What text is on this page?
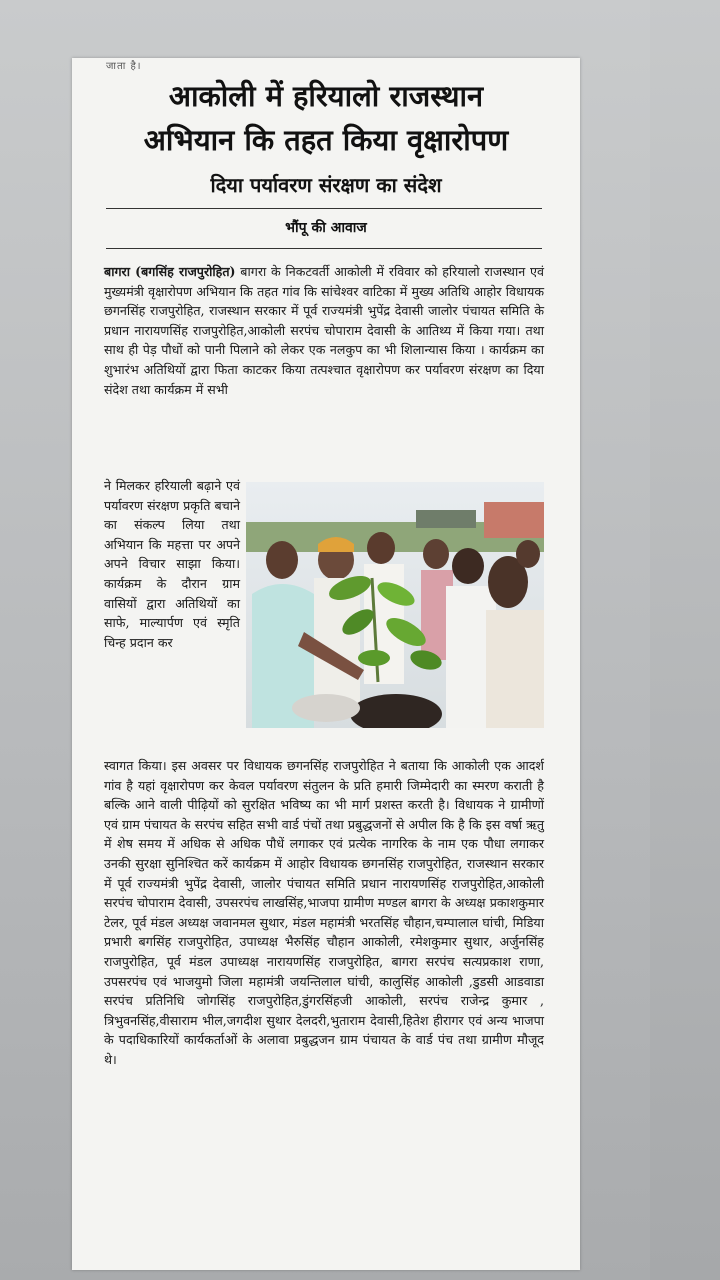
जाता है।
आकोली में हरियालो राजस्थान
अभियान कि तहत किया वृक्षारोपण
दिया पर्यावरण संरक्षण का संदेश
भौंपू की आवाज
बागरा (बगसिंह राजपुरोहित) बागरा के निकटवर्ती आकोली में रविवार को हरियालो राजस्थान एवं मुख्यमंत्री वृक्षारोपण अभियान कि तहत गांव कि सांचेश्वर वाटिका में मुख्य अतिथि आहोर विधायक छगनसिंह राजपुरोहित, राजस्थान सरकार में पूर्व राज्यमंत्री भुपेंद्र देवासी जालोर पंचायत समिति के प्रधान नारायणसिंह राजपुरोहित,आकोली सरपंच चोपाराम देवासी के आतिथ्य में किया गया। तथा साथ ही पेड़ पौधों को पानी पिलाने को लेकर एक नलकुप का भी शिलान्यास किया । कार्यक्रम का शुभारंभ अतिथियों द्वारा फिता काटकर किया तत्पश्चात वृक्षारोपण कर पर्यावरण संरक्षण का दिया संदेश तथा कार्यक्रम में सभी
ने मिलकर हरियाली बढ़ाने एवं पर्यावरण संरक्षण प्रकृति बचाने का संकल्प लिया तथा अभियान कि महत्ता पर अपने अपने विचार साझा किया। कार्यक्रम के दौरान ग्राम वासियों द्वारा अतिथियों का साफे, माल्यार्पण एवं स्मृति चिन्ह प्रदान कर
स्वागत किया। इस अवसर पर विधायक छगनसिंह राजपुरोहित ने बताया कि आकोली एक आदर्श गांव है यहां वृक्षारोपण कर केवल पर्यावरण संतुलन के प्रति हमारी जिम्मेदारी का स्मरण कराती है बल्कि आने वाली पीढ़ियों को सुरक्षित भविष्य का भी मार्ग प्रशस्त करती है। विधायक ने ग्रामीणों एवं ग्राम पंचायत के सरपंच सहित सभी वार्ड पंचों तथा प्रबुद्धजनों से अपील कि है कि इस वर्षा ऋतु में शेष समय में अधिक से अधिक पौधें लगाकर एवं प्रत्येक नागरिक के नाम एक पौधा लगाकर उनकी सुरक्षा सुनिश्चित करें कार्यक्रम में आहोर विधायक छगनसिंह राजपुरोहित, राजस्थान सरकार में पूर्व राज्यमंत्री भुपेंद्र देवासी, जालोर पंचायत समिति प्रधान नारायणसिंह राजपुरोहित,आकोली सरपंच चोपाराम देवासी, उपसरपंच लाखसिंह,भाजपा ग्रामीण मण्डल बागरा के अध्यक्ष प्रकाशकुमार टेलर, पूर्व मंडल अध्यक्ष जवानमल सुथार, मंडल महामंत्री भरतसिंह चौहान,चम्पालाल घांची, मिडिया प्रभारी बगसिंह राजपुरोहित, उपाध्यक्ष भैरुसिंह चौहान आकोली, रमेशकुमार सुथार, अर्जुनसिंह राजपुरोहित, पूर्व मंडल उपाध्यक्ष नारायणसिंह राजपुरोहित, बागरा सरपंच सत्यप्रकाश राणा, उपसरपंच एवं भाजयुमो जिला महामंत्री जयन्तिलाल घांची, कालुसिंह आकोली ,डुडसी आडवाडा सरपंच प्रतिनिधि जोगसिंह राजपुरोहित,डुंगरसिंहजी आकोली, सरपंच राजेन्द्र कुमार , त्रिभुवनसिंह,वीसाराम भील,जगदीश सुथार देलदरी,भुताराम देवासी,हितेश हीरागर एवं अन्य भाजपा के पदाधिकारियों कार्यकर्ताओं के अलावा प्रबुद्धजन ग्राम पंचायत के वार्ड पंच तथा ग्रामीण मौजूद थे।
